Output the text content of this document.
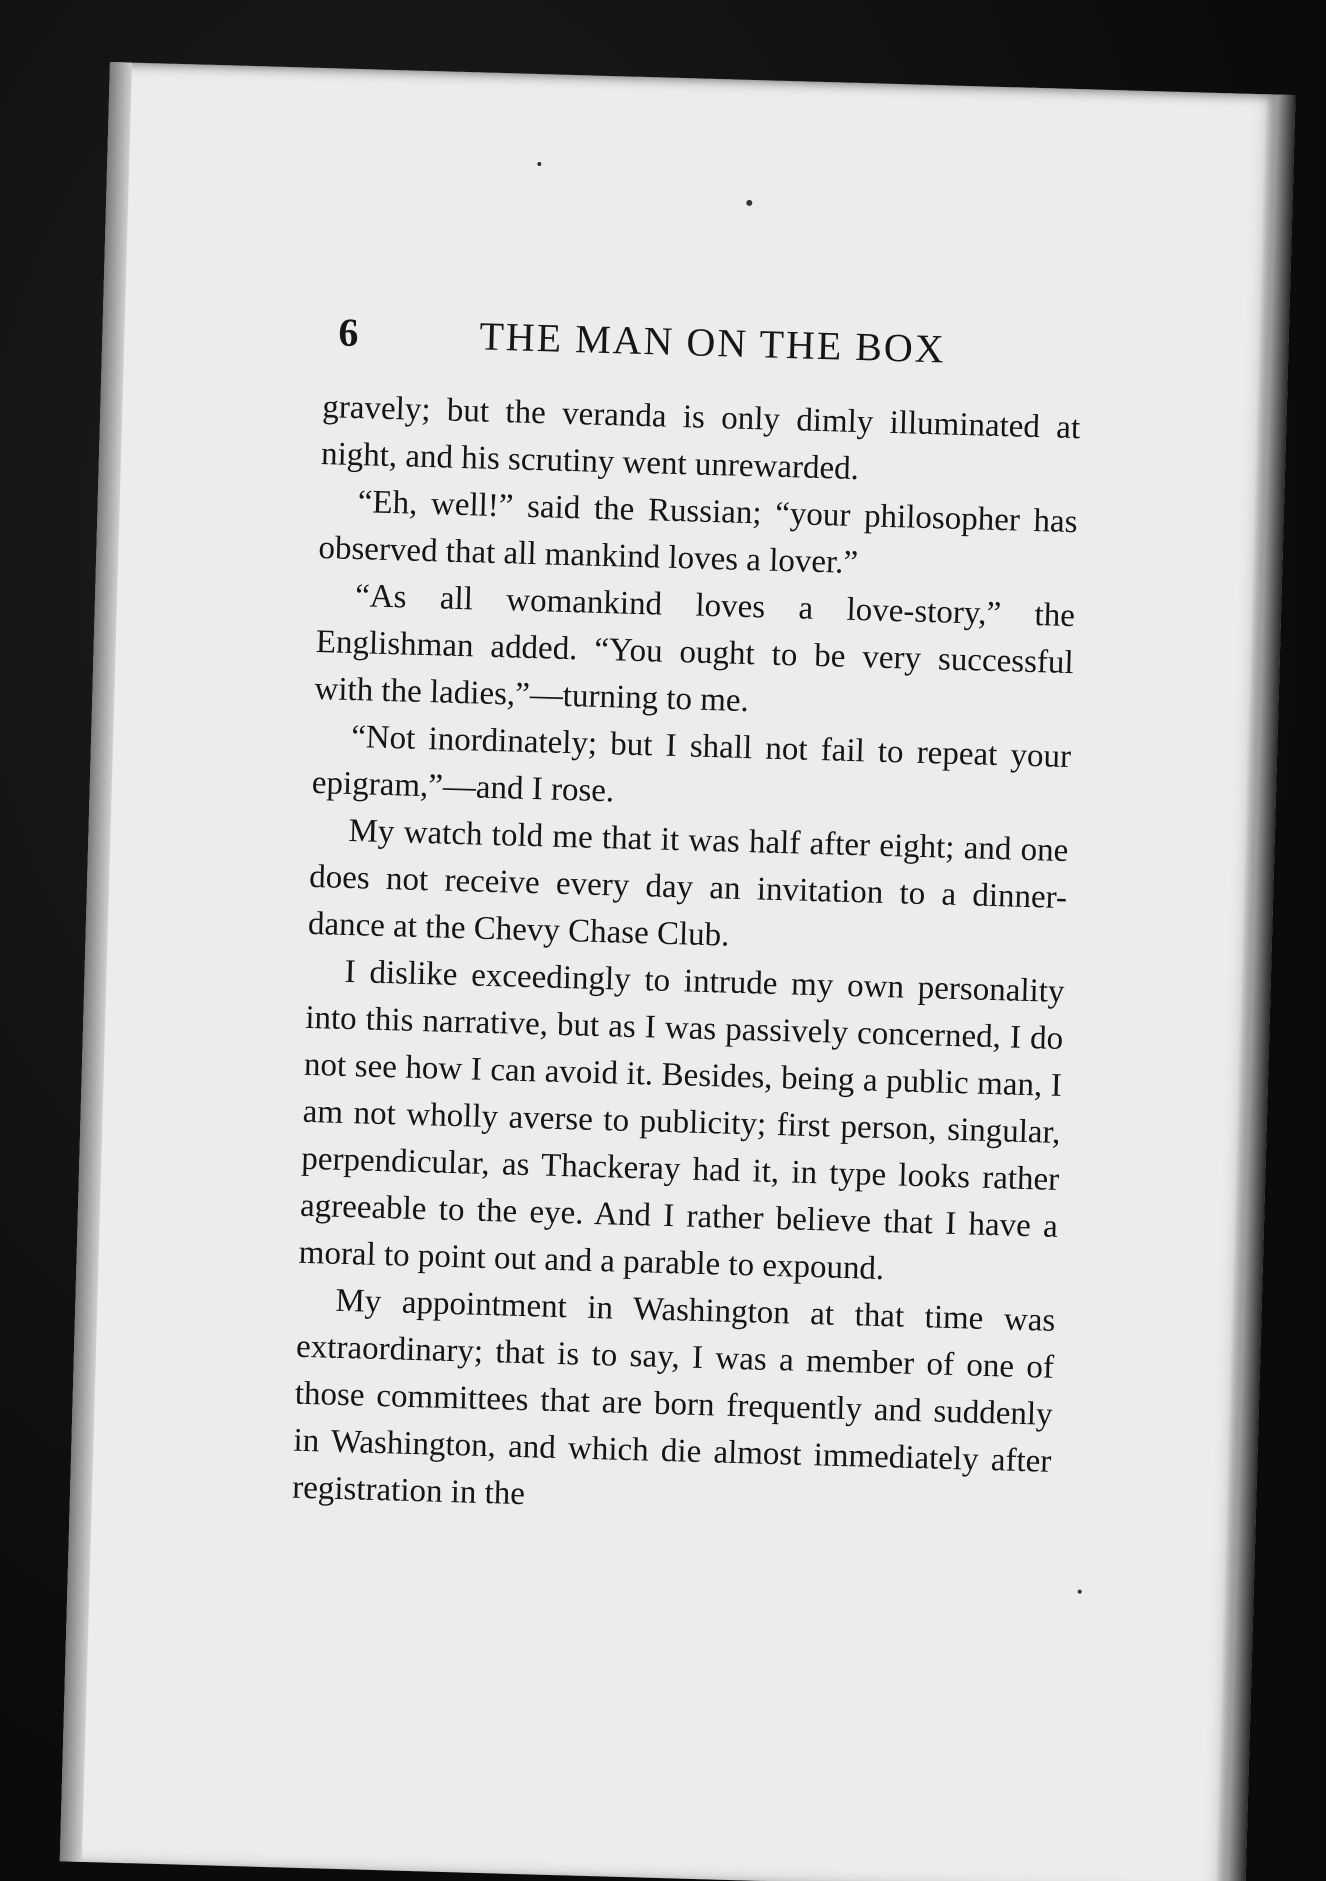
6	THE MAN ON THE BOX

gravely; but the veranda is only dimly illuminated at night, and his scrutiny went unrewarded.

“Eh, well!” said the Russian; “your philosopher has observed that all mankind loves a lover.”

“As all womankind loves a love-story,” the Englishman added. “You ought to be very successful with the ladies,”—turning to me.

“Not inordinately; but I shall not fail to repeat your epigram,”—and I rose.

My watch told me that it was half after eight; and one does not receive every day an invitation to a dinner-dance at the Chevy Chase Club.

I dislike exceedingly to intrude my own personality into this narrative, but as I was passively concerned, I do not see how I can avoid it. Besides, being a public man, I am not wholly averse to publicity; first person, singular, perpendicular, as Thackeray had it, in type looks rather agreeable to the eye. And I rather believe that I have a moral to point out and a parable to expound.

My appointment in Washington at that time was extraordinary; that is to say, I was a member of one of those committees that are born frequently and suddenly in Washington, and which die almost immediately after registration in the
